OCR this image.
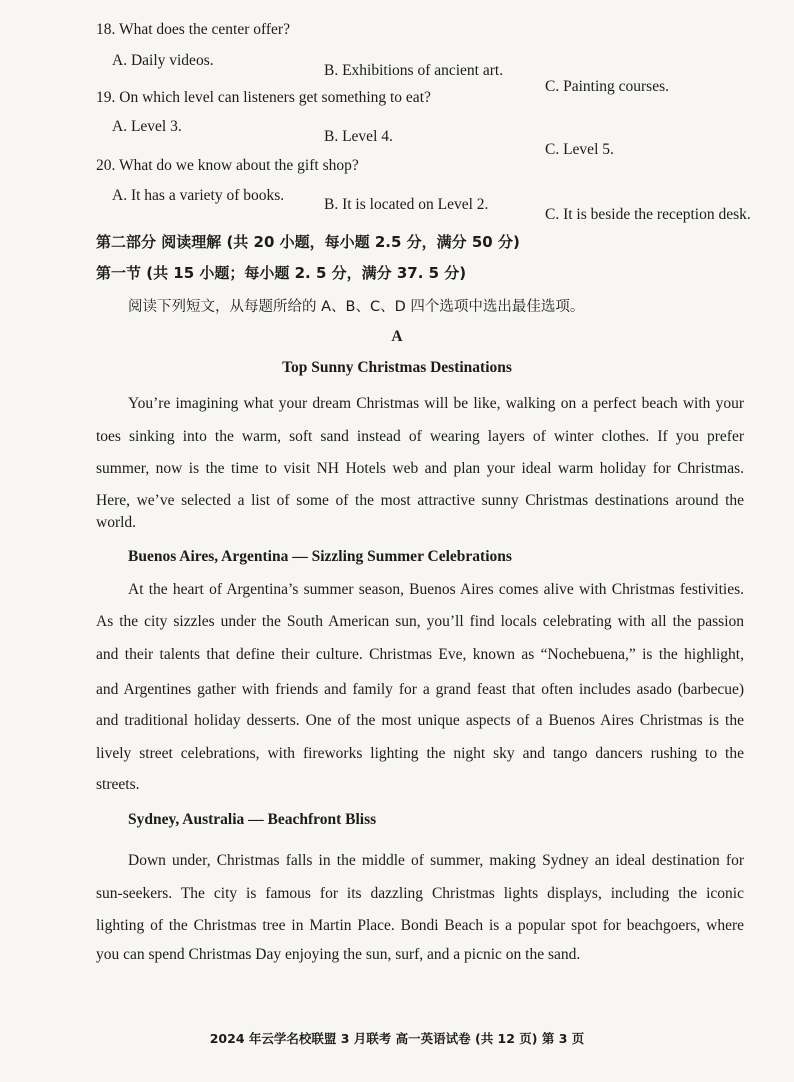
18. What does the center offer?
A. Daily videos.
B. Exhibitions of ancient art.
C. Painting courses.
19. On which level can listeners get something to eat?
A. Level 3.
B. Level 4.
C. Level 5.
20. What do we know about the gift shop?
A. It has a variety of books.
B. It is located on Level 2.
C. It is beside the reception desk.
第二部分 阅读理解 (共 20 小题，每小题 2.5 分，满分 50 分)
第一节 (共 15 小题；每小题 2. 5 分，满分 37. 5 分)
阅读下列短文，从每题所给的 A、B、C、D 四个选项中选出最佳选项。
A
Top Sunny Christmas Destinations
You’re imagining what your dream Christmas will be like, walking on a perfect beach with your
toes sinking into the warm, soft sand instead of wearing layers of winter clothes. If you prefer
summer, now is the time to visit NH Hotels web and plan your ideal warm holiday for Christmas.
Here, we’ve selected a list of some of the most attractive sunny Christmas destinations around the
world.
Buenos Aires, Argentina — Sizzling Summer Celebrations
At the heart of Argentina’s summer season, Buenos Aires comes alive with Christmas festivities.
As the city sizzles under the South American sun, you’ll find locals celebrating with all the passion
and their talents that define their culture. Christmas Eve, known as “Nochebuena,” is the highlight,
and Argentines gather with friends and family for a grand feast that often includes asado (barbecue)
and traditional holiday desserts. One of the most unique aspects of a Buenos Aires Christmas is the
lively street celebrations, with fireworks lighting the night sky and tango dancers rushing to the
streets.
Sydney, Australia — Beachfront Bliss
Down under, Christmas falls in the middle of summer, making Sydney an ideal destination for
sun-seekers. The city is famous for its dazzling Christmas lights displays, including the iconic
lighting of the Christmas tree in Martin Place. Bondi Beach is a popular spot for beachgoers, where
you can spend Christmas Day enjoying the sun, surf, and a picnic on the sand.
2024 年云学名校联盟 3 月联考 高一英语试卷 (共 12 页) 第 3 页
